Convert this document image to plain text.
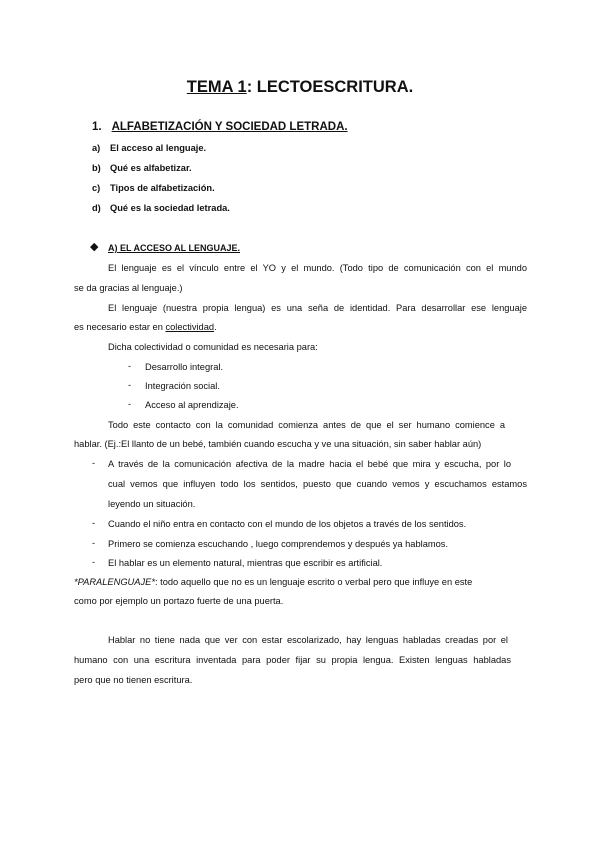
TEMA 1: LECTOESCRITURA.
1. ALFABETIZACIÓN Y SOCIEDAD LETRADA.
a) El acceso al lenguaje.
b) Qué es alfabetizar.
c) Tipos de alfabetización.
d) Qué es la sociedad letrada.
◆ A) EL ACCESO AL LENGUAJE.
El lenguaje es el vínculo entre el YO y el mundo. (Todo tipo de comunicación con el mundo
se da gracias al lenguaje.)
El lenguaje (nuestra propia lengua) es una seña de identidad. Para desarrollar ese lenguaje
es necesario estar en colectividad.
Dicha colectividad o comunidad es necesaria para:
- Desarrollo integral.
- Integración social.
- Acceso al aprendizaje.
Todo este contacto con la comunidad comienza antes de que el ser humano comience a
hablar. (Ej.:El llanto de un bebé, también cuando escucha y ve una situación, sin saber hablar aún)
- A través de la comunicación afectiva de la madre hacia el bebé que mira y escucha, por lo
cual vemos que influyen todo los sentidos, puesto que cuando vemos y escuchamos estamos
leyendo un situación.
- Cuando el niño entra en contacto con el mundo de los objetos a través de los sentidos.
- Primero se comienza escuchando , luego comprendemos y después ya hablamos.
- El hablar es un elemento natural, mientras que escribir es artificial.
*PARALENGUAJE*: todo aquello que no es un lenguaje escrito o verbal pero que influye en este
como por ejemplo un portazo fuerte de una puerta.
Hablar no tiene nada que ver con estar escolarizado, hay lenguas habladas creadas por el
humano con una escritura inventada para poder fijar su propia lengua. Existen lenguas habladas
pero que no tienen escritura.
